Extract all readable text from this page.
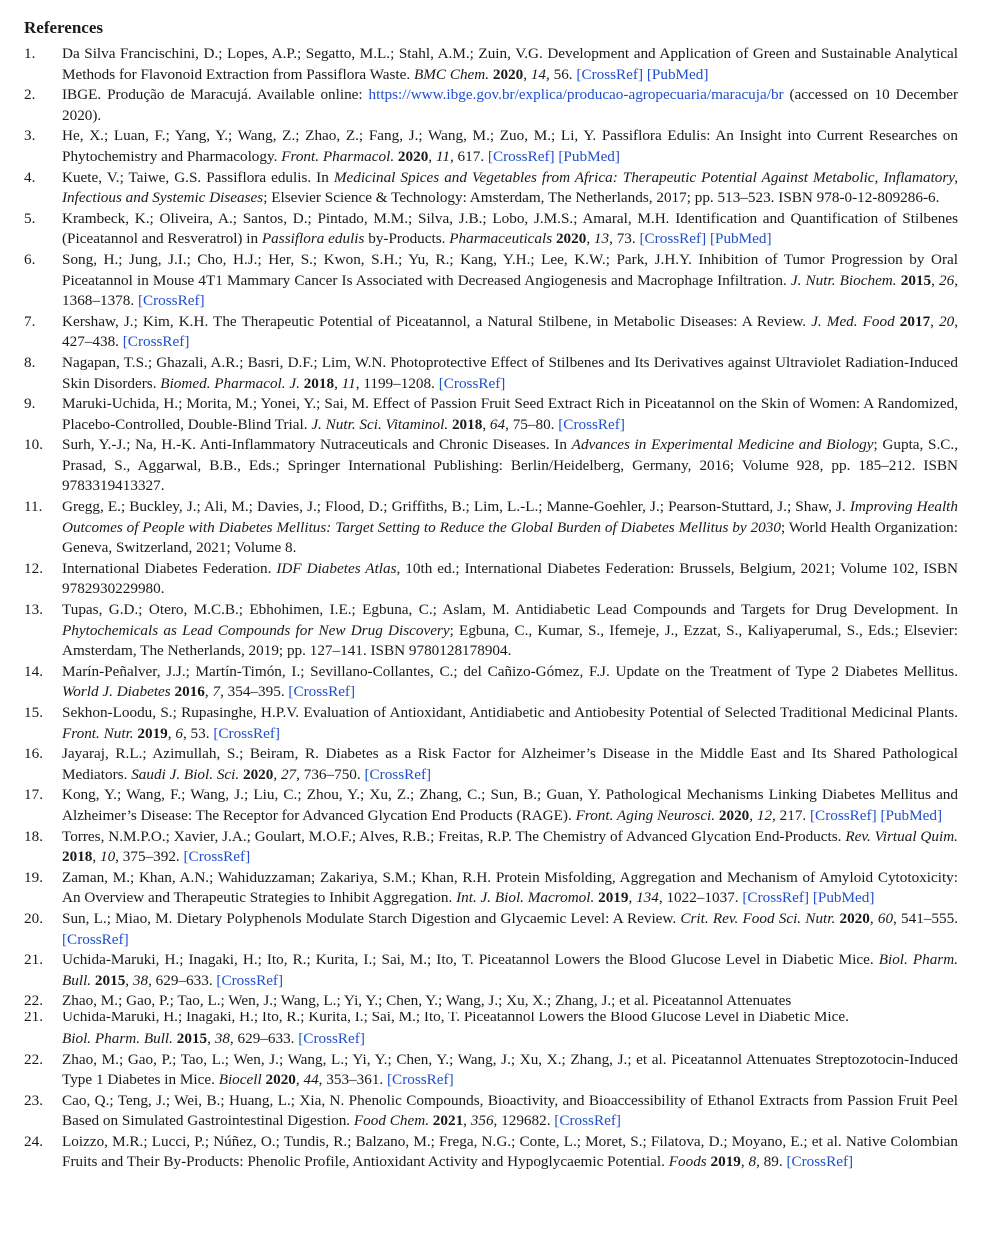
References
1.	Da Silva Francischini, D.; Lopes, A.P.; Segatto, M.L.; Stahl, A.M.; Zuin, V.G. Development and Application of Green and Sustainable Analytical Methods for Flavonoid Extraction from Passiflora Waste. BMC Chem. 2020, 14, 56. [CrossRef] [PubMed]
2.	IBGE. Produção de Maracujá. Available online: https://www.ibge.gov.br/explica/producao-agropecuaria/maracuja/br (accessed on 10 December 2020).
3.	He, X.; Luan, F.; Yang, Y.; Wang, Z.; Zhao, Z.; Fang, J.; Wang, M.; Zuo, M.; Li, Y. Passiflora Edulis: An Insight into Current Researches on Phytochemistry and Pharmacology. Front. Pharmacol. 2020, 11, 617. [CrossRef] [PubMed]
4.	Kuete, V.; Taiwe, G.S. Passiflora edulis. In Medicinal Spices and Vegetables from Africa: Therapeutic Potential Against Metabolic, Inflamatory, Infectious and Systemic Diseases; Elsevier Science & Technology: Amsterdam, The Netherlands, 2017; pp. 513–523. ISBN 978-0-12-809286-6.
5.	Krambeck, K.; Oliveira, A.; Santos, D.; Pintado, M.M.; Silva, J.B.; Lobo, J.M.S.; Amaral, M.H. Identification and Quantification of Stilbenes (Piceatannol and Resveratrol) in Passiflora edulis by-Products. Pharmaceuticals 2020, 13, 73. [CrossRef] [PubMed]
6.	Song, H.; Jung, J.I.; Cho, H.J.; Her, S.; Kwon, S.H.; Yu, R.; Kang, Y.H.; Lee, K.W.; Park, J.H.Y. Inhibition of Tumor Progression by Oral Piceatannol in Mouse 4T1 Mammary Cancer Is Associated with Decreased Angiogenesis and Macrophage Infiltration. J. Nutr. Biochem. 2015, 26, 1368–1378. [CrossRef]
7.	Kershaw, J.; Kim, K.H. The Therapeutic Potential of Piceatannol, a Natural Stilbene, in Metabolic Diseases: A Review. J. Med. Food 2017, 20, 427–438. [CrossRef]
8.	Nagapan, T.S.; Ghazali, A.R.; Basri, D.F.; Lim, W.N. Photoprotective Effect of Stilbenes and Its Derivatives against Ultraviolet Radiation-Induced Skin Disorders. Biomed. Pharmacol. J. 2018, 11, 1199–1208. [CrossRef]
9.	Maruki-Uchida, H.; Morita, M.; Yonei, Y.; Sai, M. Effect of Passion Fruit Seed Extract Rich in Piceatannol on the Skin of Women: A Randomized, Placebo-Controlled, Double-Blind Trial. J. Nutr. Sci. Vitaminol. 2018, 64, 75–80. [CrossRef]
10.	Surh, Y.-J.; Na, H.-K. Anti-Inflammatory Nutraceuticals and Chronic Diseases. In Advances in Experimental Medicine and Biology; Gupta, S.C., Prasad, S., Aggarwal, B.B., Eds.; Springer International Publishing: Berlin/Heidelberg, Germany, 2016; Volume 928, pp. 185–212. ISBN 9783319413327.
11.	Gregg, E.; Buckley, J.; Ali, M.; Davies, J.; Flood, D.; Griffiths, B.; Lim, L.-L.; Manne-Goehler, J.; Pearson-Stuttard, J.; Shaw, J. Improving Health Outcomes of People with Diabetes Mellitus: Target Setting to Reduce the Global Burden of Diabetes Mellitus by 2030; World Health Organization: Geneva, Switzerland, 2021; Volume 8.
12.	International Diabetes Federation. IDF Diabetes Atlas, 10th ed.; International Diabetes Federation: Brussels, Belgium, 2021; Volume 102, ISBN 9782930229980.
13.	Tupas, G.D.; Otero, M.C.B.; Ebhohimen, I.E.; Egbuna, C.; Aslam, M. Antidiabetic Lead Compounds and Targets for Drug Development. In Phytochemicals as Lead Compounds for New Drug Discovery; Egbuna, C., Kumar, S., Ifemeje, J., Ezzat, S., Kaliyaperumal, S., Eds.; Elsevier: Amsterdam, The Netherlands, 2019; pp. 127–141. ISBN 9780128178904.
14.	Marín-Peñalver, J.J.; Martín-Timón, I.; Sevillano-Collantes, C.; del Cañizo-Gómez, F.J. Update on the Treatment of Type 2 Diabetes Mellitus. World J. Diabetes 2016, 7, 354–395. [CrossRef]
15.	Sekhon-Loodu, S.; Rupasinghe, H.P.V. Evaluation of Antioxidant, Antidiabetic and Antiobesity Potential of Selected Traditional Medicinal Plants. Front. Nutr. 2019, 6, 53. [CrossRef]
16.	Jayaraj, R.L.; Azimullah, S.; Beiram, R. Diabetes as a Risk Factor for Alzheimer’s Disease in the Middle East and Its Shared Pathological Mediators. Saudi J. Biol. Sci. 2020, 27, 736–750. [CrossRef]
17.	Kong, Y.; Wang, F.; Wang, J.; Liu, C.; Zhou, Y.; Xu, Z.; Zhang, C.; Sun, B.; Guan, Y. Pathological Mechanisms Linking Diabetes Mellitus and Alzheimer’s Disease: The Receptor for Advanced Glycation End Products (RAGE). Front. Aging Neurosci. 2020, 12, 217. [CrossRef] [PubMed]
18.	Torres, N.M.P.O.; Xavier, J.A.; Goulart, M.O.F.; Alves, R.B.; Freitas, R.P. The Chemistry of Advanced Glycation End-Products. Rev. Virtual Quim. 2018, 10, 375–392. [CrossRef]
19.	Zaman, M.; Khan, A.N.; Wahiduzzaman; Zakariya, S.M.; Khan, R.H. Protein Misfolding, Aggregation and Mechanism of Amyloid Cytotoxicity: An Overview and Therapeutic Strategies to Inhibit Aggregation. Int. J. Biol. Macromol. 2019, 134, 1022–1037. [CrossRef] [PubMed]
20.	Sun, L.; Miao, M. Dietary Polyphenols Modulate Starch Digestion and Glycaemic Level: A Review. Crit. Rev. Food Sci. Nutr. 2020, 60, 541–555. [CrossRef]
21.	Uchida-Maruki, H.; Inagaki, H.; Ito, R.; Kurita, I.; Sai, M.; Ito, T. Piceatannol Lowers the Blood Glucose Level in Diabetic Mice. Biol. Pharm. Bull. 2015, 38, 629–633. [CrossRef]
22.	Zhao, M.; Gao, P.; Tao, L.; Wen, J.; Wang, L.; Yi, Y.; Chen, Y.; Wang, J.; Xu, X.; Zhang, J.; et al. Piceatannol Attenuates
21.	Uchida-Maruki, H.; Inagaki, H.; Ito, R.; Kurita, I.; Sai, M.; Ito, T. Piceatannol Lowers the Blood Glucose Level in Diabetic Mice.
Biol. Pharm. Bull. 2015, 38, 629–633. [CrossRef]
22.	Zhao, M.; Gao, P.; Tao, L.; Wen, J.; Wang, L.; Yi, Y.; Chen, Y.; Wang, J.; Xu, X.; Zhang, J.; et al. Piceatannol Attenuates Streptozotocin-Induced Type 1 Diabetes in Mice. Biocell 2020, 44, 353–361. [CrossRef]
23.	Cao, Q.; Teng, J.; Wei, B.; Huang, L.; Xia, N. Phenolic Compounds, Bioactivity, and Bioaccessibility of Ethanol Extracts from Passion Fruit Peel Based on Simulated Gastrointestinal Digestion. Food Chem. 2021, 356, 129682. [CrossRef]
24.	Loizzo, M.R.; Lucci, P.; Núñez, O.; Tundis, R.; Balzano, M.; Frega, N.G.; Conte, L.; Moret, S.; Filatova, D.; Moyano, E.; et al. Native Colombian Fruits and Their By-Products: Phenolic Profile, Antioxidant Activity and Hypoglycaemic Potential. Foods 2019, 8, 89. [CrossRef]
